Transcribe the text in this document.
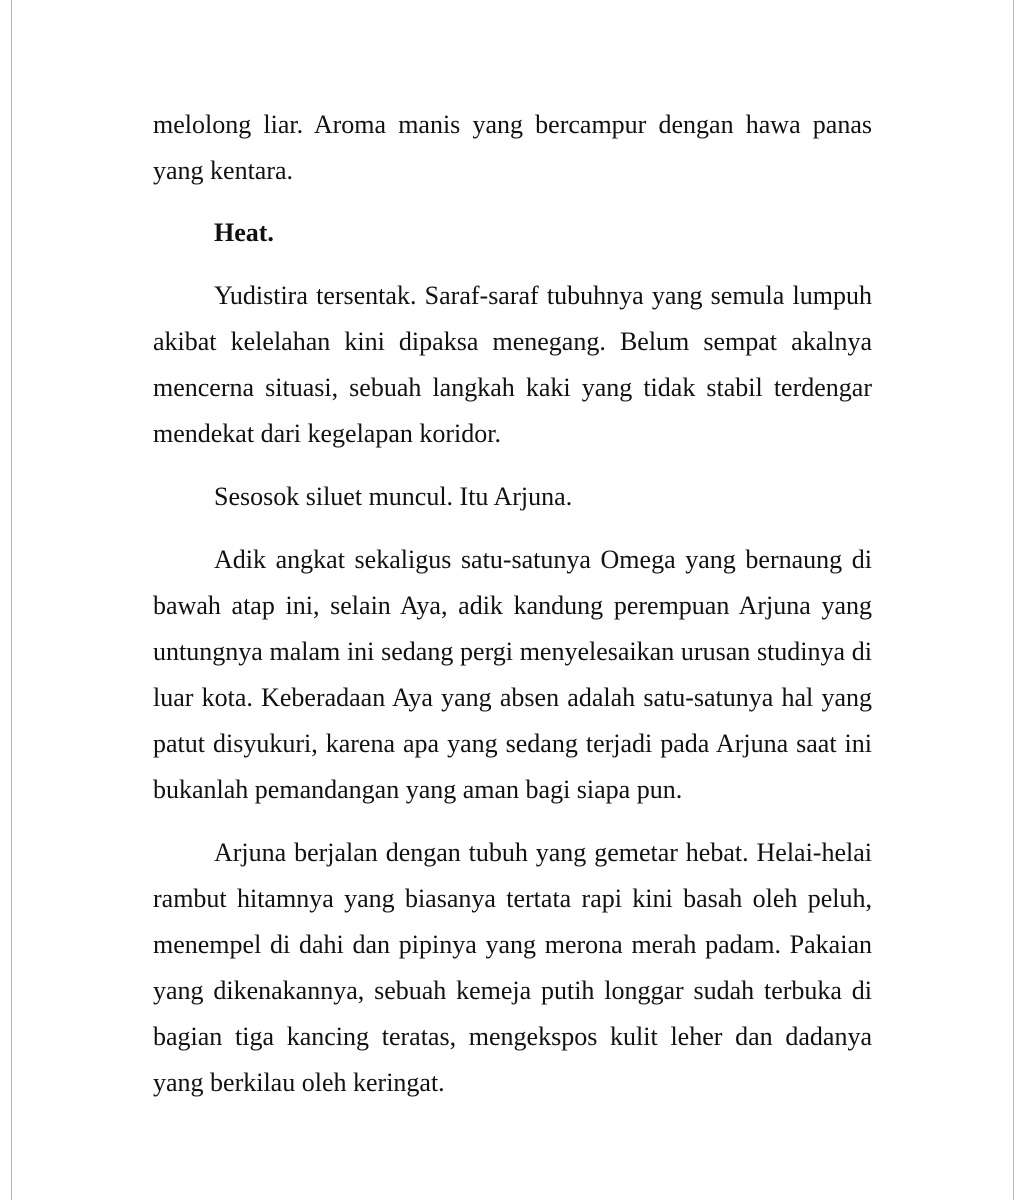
melolong liar. Aroma manis yang bercampur dengan hawa panas yang kentara.

Heat.

Yudistira tersentak. Saraf-saraf tubuhnya yang semula lumpuh akibat kelelahan kini dipaksa menegang. Belum sempat akalnya mencerna situasi, sebuah langkah kaki yang tidak stabil terdengar mendekat dari kegelapan koridor.

Sesosok siluet muncul. Itu Arjuna.

Adik angkat sekaligus satu-satunya Omega yang bernaung di bawah atap ini, selain Aya, adik kandung perempuan Arjuna yang untungnya malam ini sedang pergi menyelesaikan urusan studinya di luar kota. Keberadaan Aya yang absen adalah satu-satunya hal yang patut disyukuri, karena apa yang sedang terjadi pada Arjuna saat ini bukanlah pemandangan yang aman bagi siapa pun.

Arjuna berjalan dengan tubuh yang gemetar hebat. Helai-helai rambut hitamnya yang biasanya tertata rapi kini basah oleh peluh, menempel di dahi dan pipinya yang merona merah padam. Pakaian yang dikenakannya, sebuah kemeja putih longgar sudah terbuka di bagian tiga kancing teratas, mengekspos kulit leher dan dadanya yang berkilau oleh keringat.
